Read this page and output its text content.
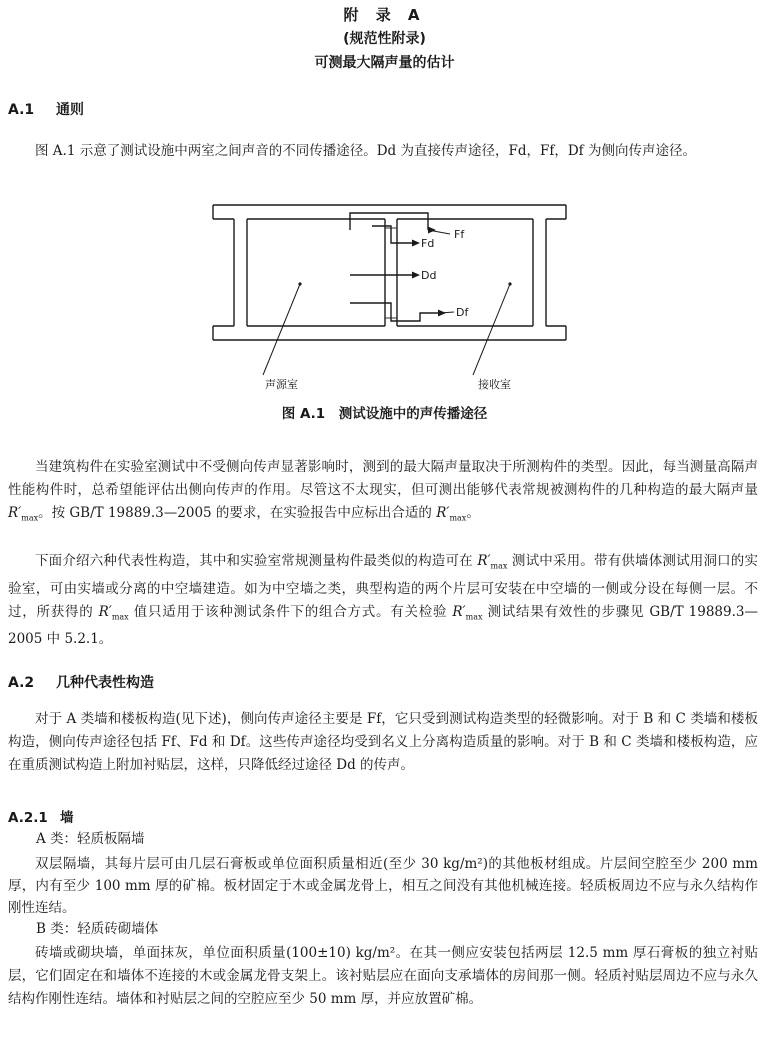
附 录 A
(规范性附录)
可测最大隔声量的估计
A.1 通则
图 A.1 示意了测试设施中两室之间声音的不同传播途径。Dd 为直接传声途径，Fd，Ff，Df 为侧向传声途径。
Ff
Fd
Dd
Df
声源室	接收室
图 A.1　测试设施中的声传播途径
当建筑构件在实验室测试中不受侧向传声显著影响时，测到的最大隔声量取决于所测构件的类型。因此，每当测量高隔声性能构件时，总希望能评估出侧向传声的作用。尽管这不太现实，但可测出能够代表常规被测构件的几种构造的最大隔声量 $R'_{max}$。按 GB/T 19889.3—2005 的要求，在实验报告中应标出合适的 $R'_{max}$。
下面介绍六种代表性构造，其中和实验室常规测量构件最类似的构造可在 $R'_{max}$ 测试中采用。带有供墙体测试用洞口的实验室，可由实墙或分离的中空墙建造。如为中空墙之类，典型构造的两个片层可安装在中空墙的一侧或分设在每侧一层。不过，所获得的 $R'_{max}$ 值只适用于该种测试条件下的组合方式。有关检验 $R'_{max}$ 测试结果有效性的步骤见 GB/T 19889.3—2005 中 5.2.1。
A.2 几种代表性构造
对于 A 类墙和楼板构造(见下述)，侧向传声途径主要是 Ff，它只受到测试构造类型的轻微影响。对于 B 和 C 类墙和楼板构造，侧向传声途径包括 Ff、Fd 和 Df。这些传声途径均受到名义上分离构造质量的影响。对于 B 和 C 类墙和楼板构造，应在重质测试构造上附加衬贴层，这样，只降低经过途径 Dd 的传声。
A.2.1 墙
A 类：轻质板隔墙
双层隔墙，其每片层可由几层石膏板或单位面积质量相近(至少 30 kg/m²)的其他板材组成。片层间空腔至少 200 mm 厚，内有至少 100 mm 厚的矿棉。板材固定于木或金属龙骨上，相互之间没有其他机械连接。轻质板周边不应与永久结构作刚性连结。
B 类：轻质砖砌墙体
砖墙或砌块墙，单面抹灰，单位面积质量(100±10) kg/m²。在其一侧应安装包括两层 12.5 mm 厚石膏板的独立衬贴层，它们固定在和墙体不连接的木或金属龙骨支架上。该衬贴层应在面向支承墙体的房间那一侧。轻质衬贴层周边不应与永久结构作刚性连结。墙体和衬贴层之间的空腔应至少 50 mm 厚，并应放置矿棉。
